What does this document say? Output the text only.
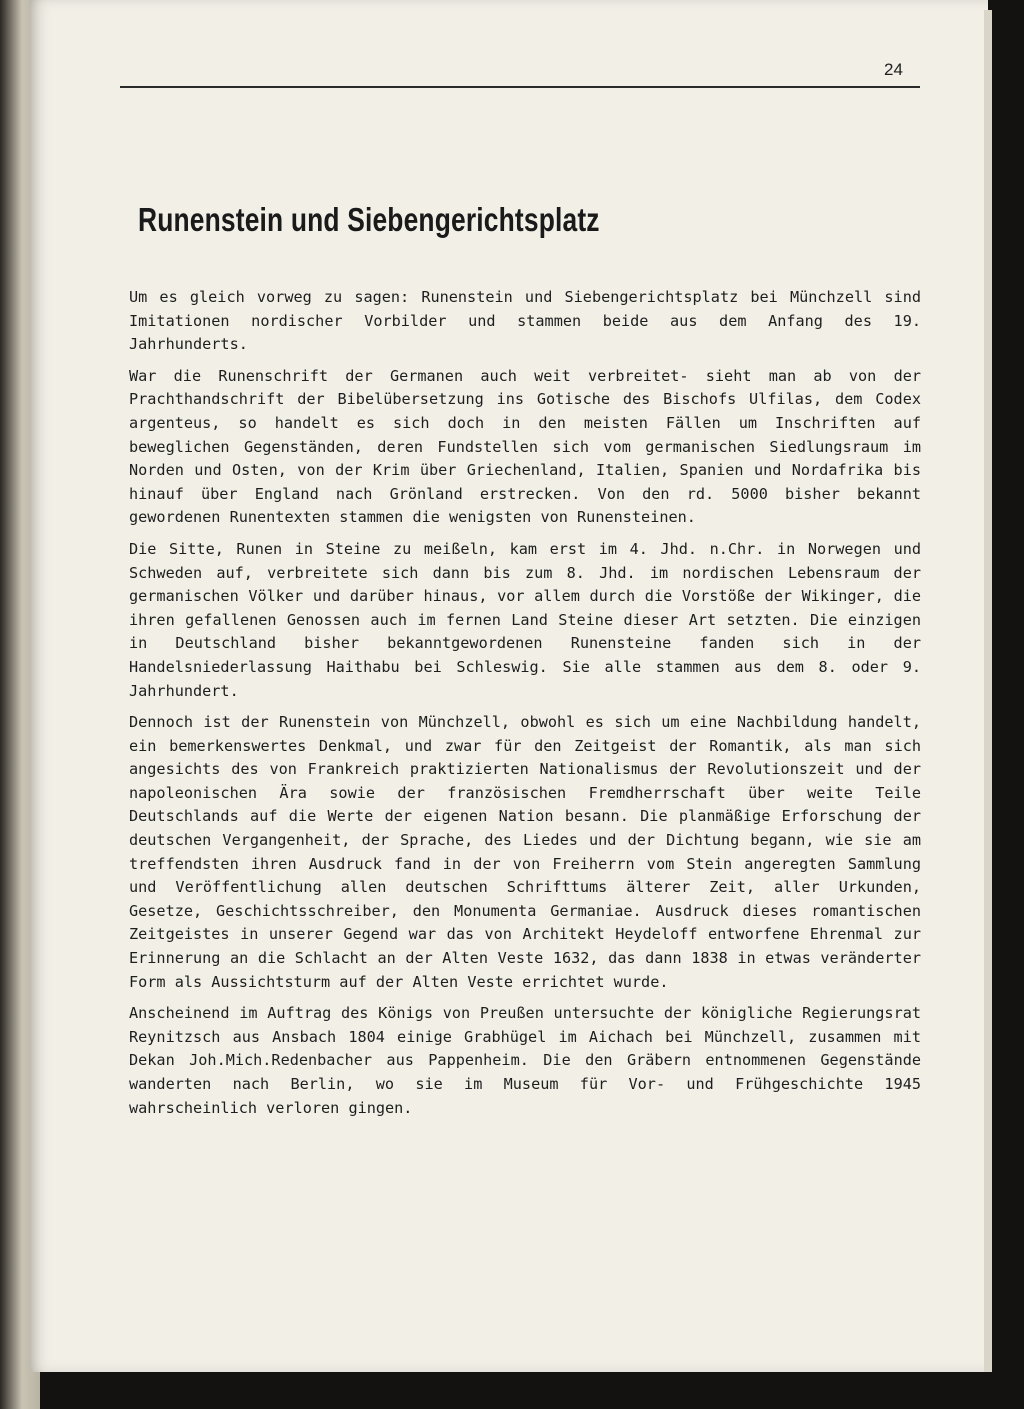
24
Runenstein und Siebengerichtsplatz

Um es gleich vorweg zu sagen: Runenstein und Siebengerichtsplatz bei Münchzell sind Imitationen nordischer Vorbilder und stammen beide aus dem Anfang des 19. Jahrhunderts.

War die Runenschrift der Germanen auch weit verbreitet- sieht man ab von der Prachthandschrift der Bibelübersetzung ins Gotische des Bischofs Ulfilas, dem Codex argenteus, so handelt es sich doch in den meisten Fällen um Inschriften auf beweglichen Gegenständen, deren Fundstellen sich vom germanischen Siedlungsraum im Norden und Osten, von der Krim über Griechenland, Italien, Spanien und Nordafrika bis hinauf über England nach Grönland erstrecken. Von den rd. 5000 bisher bekannt gewordenen Runentexten stammen die wenigsten von Runensteinen.

Die Sitte, Runen in Steine zu meißeln, kam erst im 4. Jhd. n.Chr. in Norwegen und Schweden auf, verbreitete sich dann bis zum 8. Jhd. im nordischen Lebensraum der germanischen Völker und darüber hinaus, vor allem durch die Vorstöße der Wikinger, die ihren gefallenen Genossen auch im fernen Land Steine dieser Art setzten. Die einzigen in Deutschland bisher bekanntgewordenen Runensteine fanden sich in der Handelsniederlassung Haithabu bei Schleswig. Sie alle stammen aus dem 8. oder 9. Jahrhundert.

Dennoch ist der Runenstein von Münchzell, obwohl es sich um eine Nachbildung handelt, ein bemerkenswertes Denkmal, und zwar für den Zeitgeist der Romantik, als man sich angesichts des von Frankreich praktizierten Nationalismus der Revolutionszeit und der napoleonischen Ära sowie der französischen Fremdherrschaft über weite Teile Deutschlands auf die Werte der eigenen Nation besann. Die planmäßige Erforschung der deutschen Vergangenheit, der Sprache, des Liedes und der Dichtung begann, wie sie am treffendsten ihren Ausdruck fand in der von Freiherrn vom Stein angeregten Sammlung und Veröffentlichung allen deutschen Schrifttums älterer Zeit, aller Urkunden, Gesetze, Geschichtsschreiber, den Monumenta Germaniae. Ausdruck dieses romantischen Zeitgeistes in unserer Gegend war das von Architekt Heydeloff entworfene Ehrenmal zur Erinnerung an die Schlacht an der Alten Veste 1632, das dann 1838 in etwas veränderter Form als Aussichtsturm auf der Alten Veste errichtet wurde.

Anscheinend im Auftrag des Königs von Preußen untersuchte der königliche Regierungsrat Reynitzsch aus Ansbach 1804 einige Grabhügel im Aichach bei Münchzell, zusammen mit Dekan Joh.Mich.Redenbacher aus Pappenheim. Die den Gräbern entnommenen Gegenstände wanderten nach Berlin, wo sie im Museum für Vor- und Frühgeschichte 1945 wahrscheinlich verloren gingen.
